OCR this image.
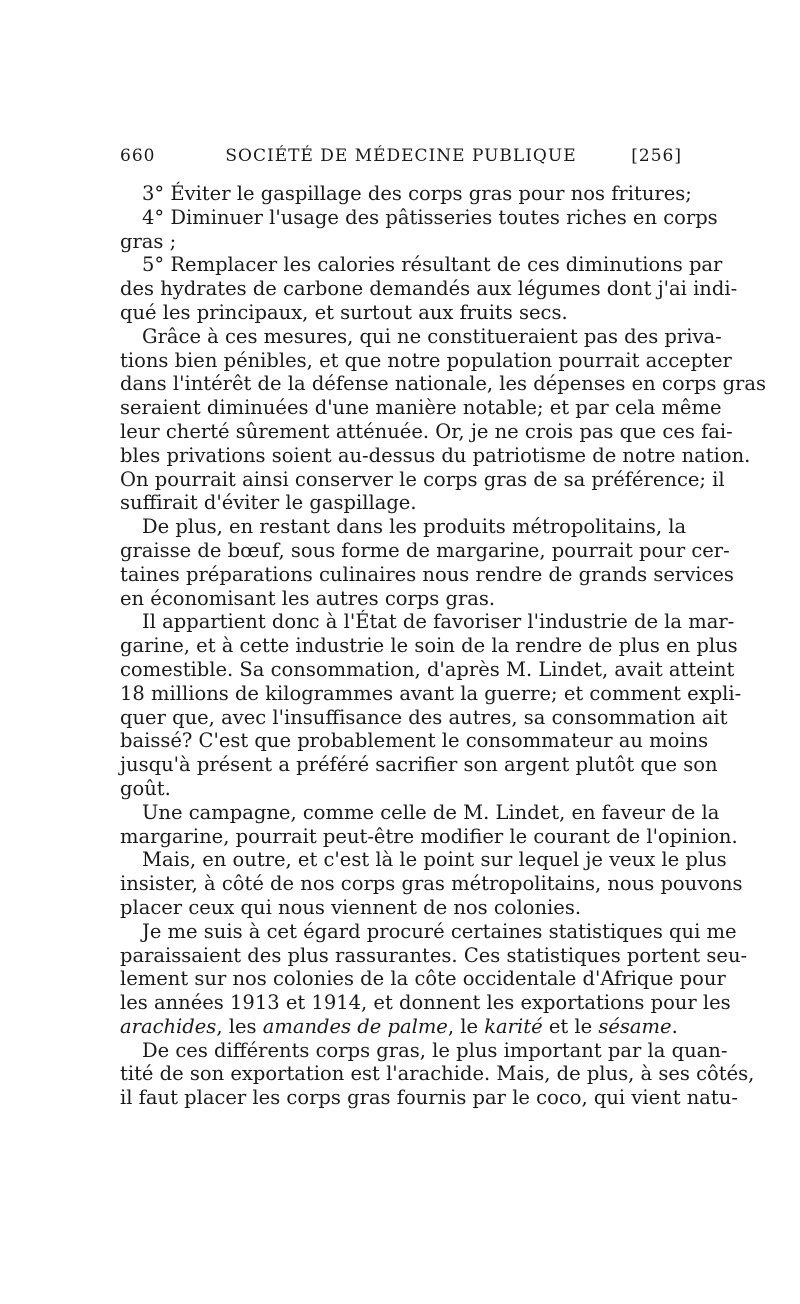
660	SOCIÉTÉ DE MÉDECINE PUBLIQUE	[256]
3° Éviter le gaspillage des corps gras pour nos fritures;
4° Diminuer l'usage des pâtisseries toutes riches en corps
gras ;
5° Remplacer les calories résultant de ces diminutions par
des hydrates de carbone demandés aux légumes dont j'ai indi-
qué les principaux, et surtout aux fruits secs.
Grâce à ces mesures, qui ne constitueraient pas des priva-
tions bien pénibles, et que notre population pourrait accepter
dans l'intérêt de la défense nationale, les dépenses en corps gras
seraient diminuées d'une manière notable; et par cela même
leur cherté sûrement atténuée. Or, je ne crois pas que ces fai-
bles privations soient au-dessus du patriotisme de notre nation.
On pourrait ainsi conserver le corps gras de sa préférence; il
suffirait d'éviter le gaspillage.
De plus, en restant dans les produits métropolitains, la
graisse de bœuf, sous forme de margarine, pourrait pour cer-
taines préparations culinaires nous rendre de grands services
en économisant les autres corps gras.
Il appartient donc à l'État de favoriser l'industrie de la mar-
garine, et à cette industrie le soin de la rendre de plus en plus
comestible. Sa consommation, d'après M. Lindet, avait atteint
18 millions de kilogrammes avant la guerre; et comment expli-
quer que, avec l'insuffisance des autres, sa consommation ait
baissé? C'est que probablement le consommateur au moins
jusqu'à présent a préféré sacrifier son argent plutôt que son
goût.
Une campagne, comme celle de M. Lindet, en faveur de la
margarine, pourrait peut-être modifier le courant de l'opinion.
Mais, en outre, et c'est là le point sur lequel je veux le plus
insister, à côté de nos corps gras métropolitains, nous pouvons
placer ceux qui nous viennent de nos colonies.
Je me suis à cet égard procuré certaines statistiques qui me
paraissaient des plus rassurantes. Ces statistiques portent seu-
lement sur nos colonies de la côte occidentale d'Afrique pour
les années 1913 et 1914, et donnent les exportations pour les
arachides, les amandes de palme, le karité et le sésame.
De ces différents corps gras, le plus important par la quan-
tité de son exportation est l'arachide. Mais, de plus, à ses côtés,
il faut placer les corps gras fournis par le coco, qui vient natu-
